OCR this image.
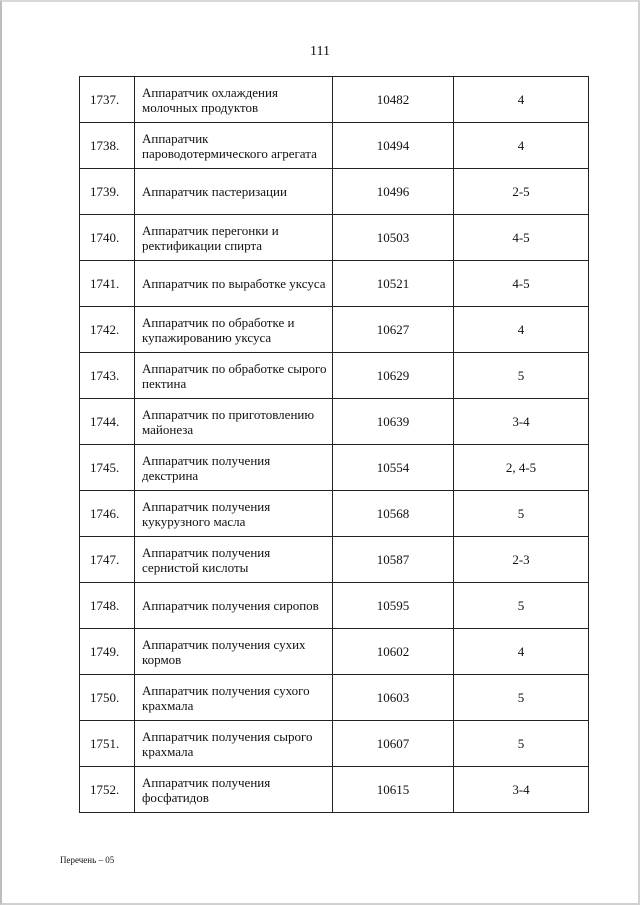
111
1737.	Аппаратчик охлаждения молочных продуктов	10482	4
1738.	Аппаратчик пароводотермического агрегата	10494	4
1739.	Аппаратчик пастеризации	10496	2-5
1740.	Аппаратчик перегонки и ректификации спирта	10503	4-5
1741.	Аппаратчик по выработке уксуса	10521	4-5
1742.	Аппаратчик по обработке и купажированию уксуса	10627	4
1743.	Аппаратчик по обработке сырого пектина	10629	5
1744.	Аппаратчик по приготовлению майонеза	10639	3-4
1745.	Аппаратчик получения декстрина	10554	2, 4-5
1746.	Аппаратчик получения кукурузного масла	10568	5
1747.	Аппаратчик получения сернистой кислоты	10587	2-3
1748.	Аппаратчик получения сиропов	10595	5
1749.	Аппаратчик получения сухих кормов	10602	4
1750.	Аппаратчик получения сухого крахмала	10603	5
1751.	Аппаратчик получения сырого крахмала	10607	5
1752.	Аппаратчик получения фосфатидов	10615	3-4
Перечень – 05
